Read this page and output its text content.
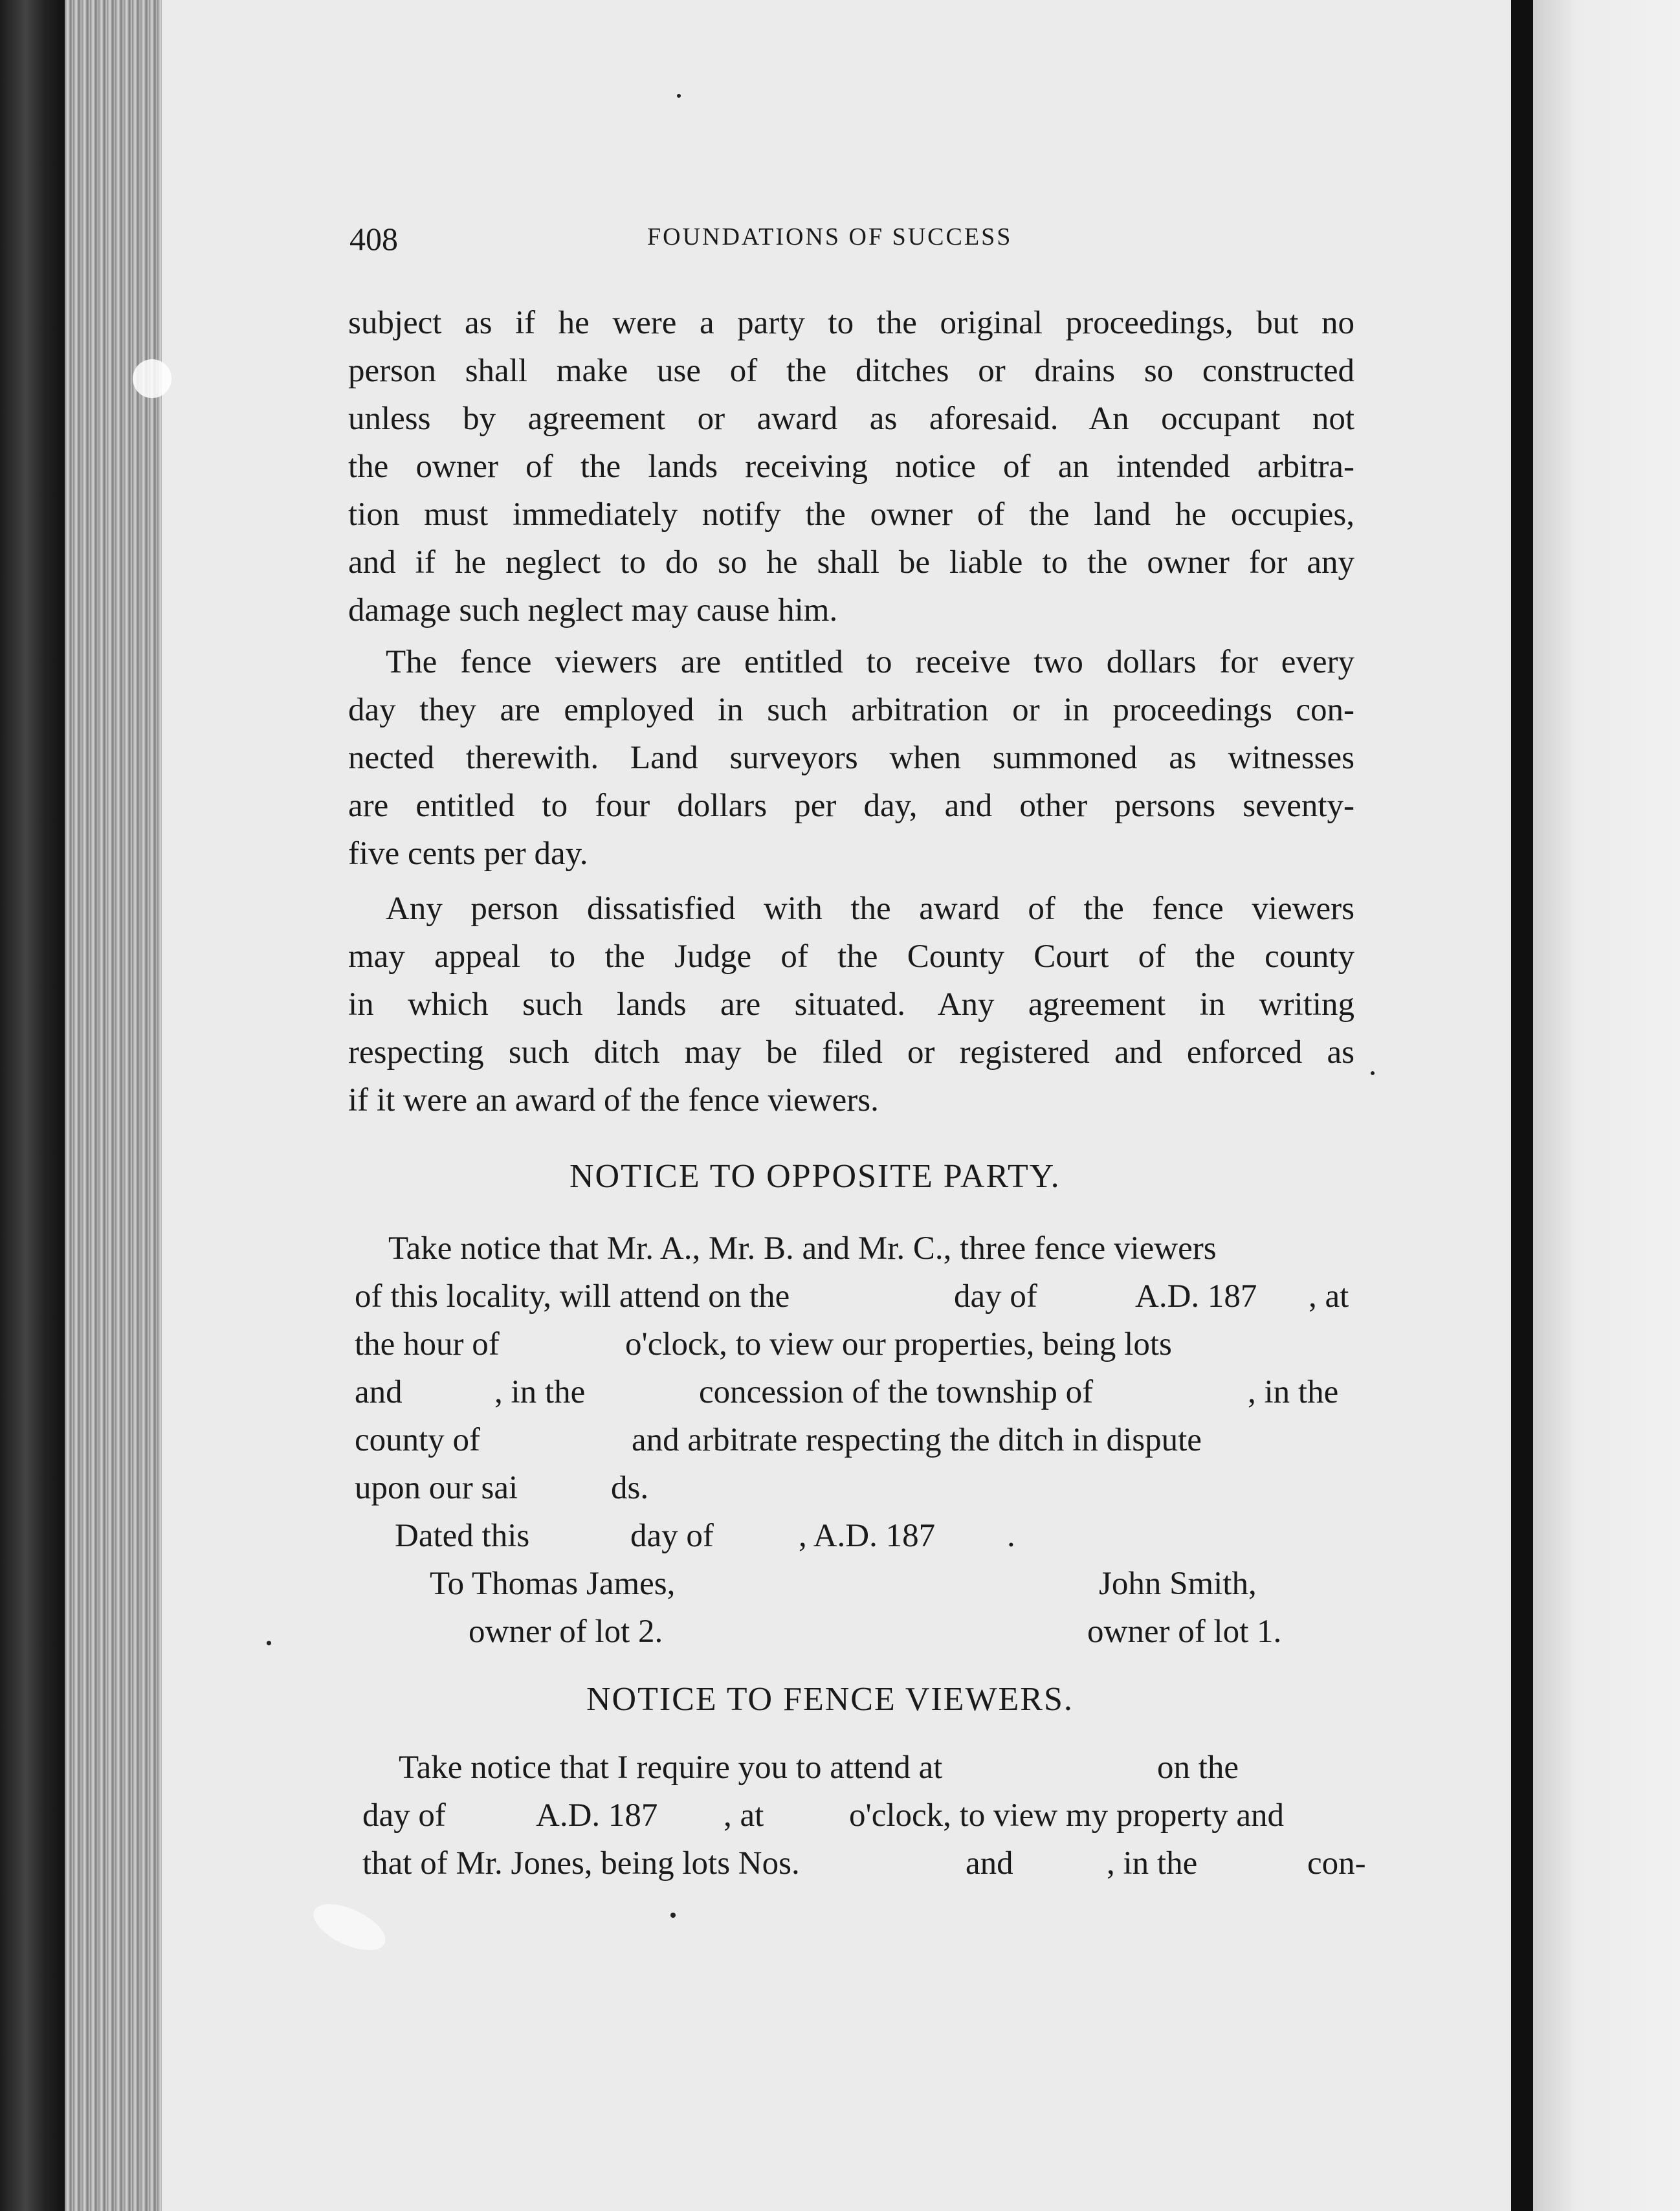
408	FOUNDATIONS OF SUCCESS
subject as if he were a party to the original proceedings, but no
person shall make use of the ditches or drains so constructed
unless by agreement or award as aforesaid. An occupant not
the owner of the lands receiving notice of an intended arbitra-
tion must immediately notify the owner of the land he occupies,
and if he neglect to do so he shall be liable to the owner for any
damage such neglect may cause him.
The fence viewers are entitled to receive two dollars for every
day they are employed in such arbitration or in proceedings con-
nected therewith. Land surveyors when summoned as witnesses
are entitled to four dollars per day, and other persons seventy-
five cents per day.
Any person dissatisfied with the award of the fence viewers
may appeal to the Judge of the County Court of the county
in which such lands are situated. Any agreement in writing
respecting such ditch may be filed or registered and enforced as
if it were an award of the fence viewers.
NOTICE TO OPPOSITE PARTY.
Take notice that Mr. A., Mr. B. and Mr. C., three fence viewers
of this locality, will attend on the	day of	A.D. 187 , at
the hour of	o'clock, to view our properties, being lots
and	, in the	concession of the township of	, in the
county of	and arbitrate respecting the ditch in dispute
upon our sai	ds.
Dated this	day of	, A.D. 187 .
To Thomas James,	John Smith,
owner of lot 2.	owner of lot 1.
NOTICE TO FENCE VIEWERS.
Take notice that I require you to attend at	on the
day of	A.D. 187 , at	o'clock, to view my property and
that of Mr. Jones, being lots Nos.	and	, in the	con-
